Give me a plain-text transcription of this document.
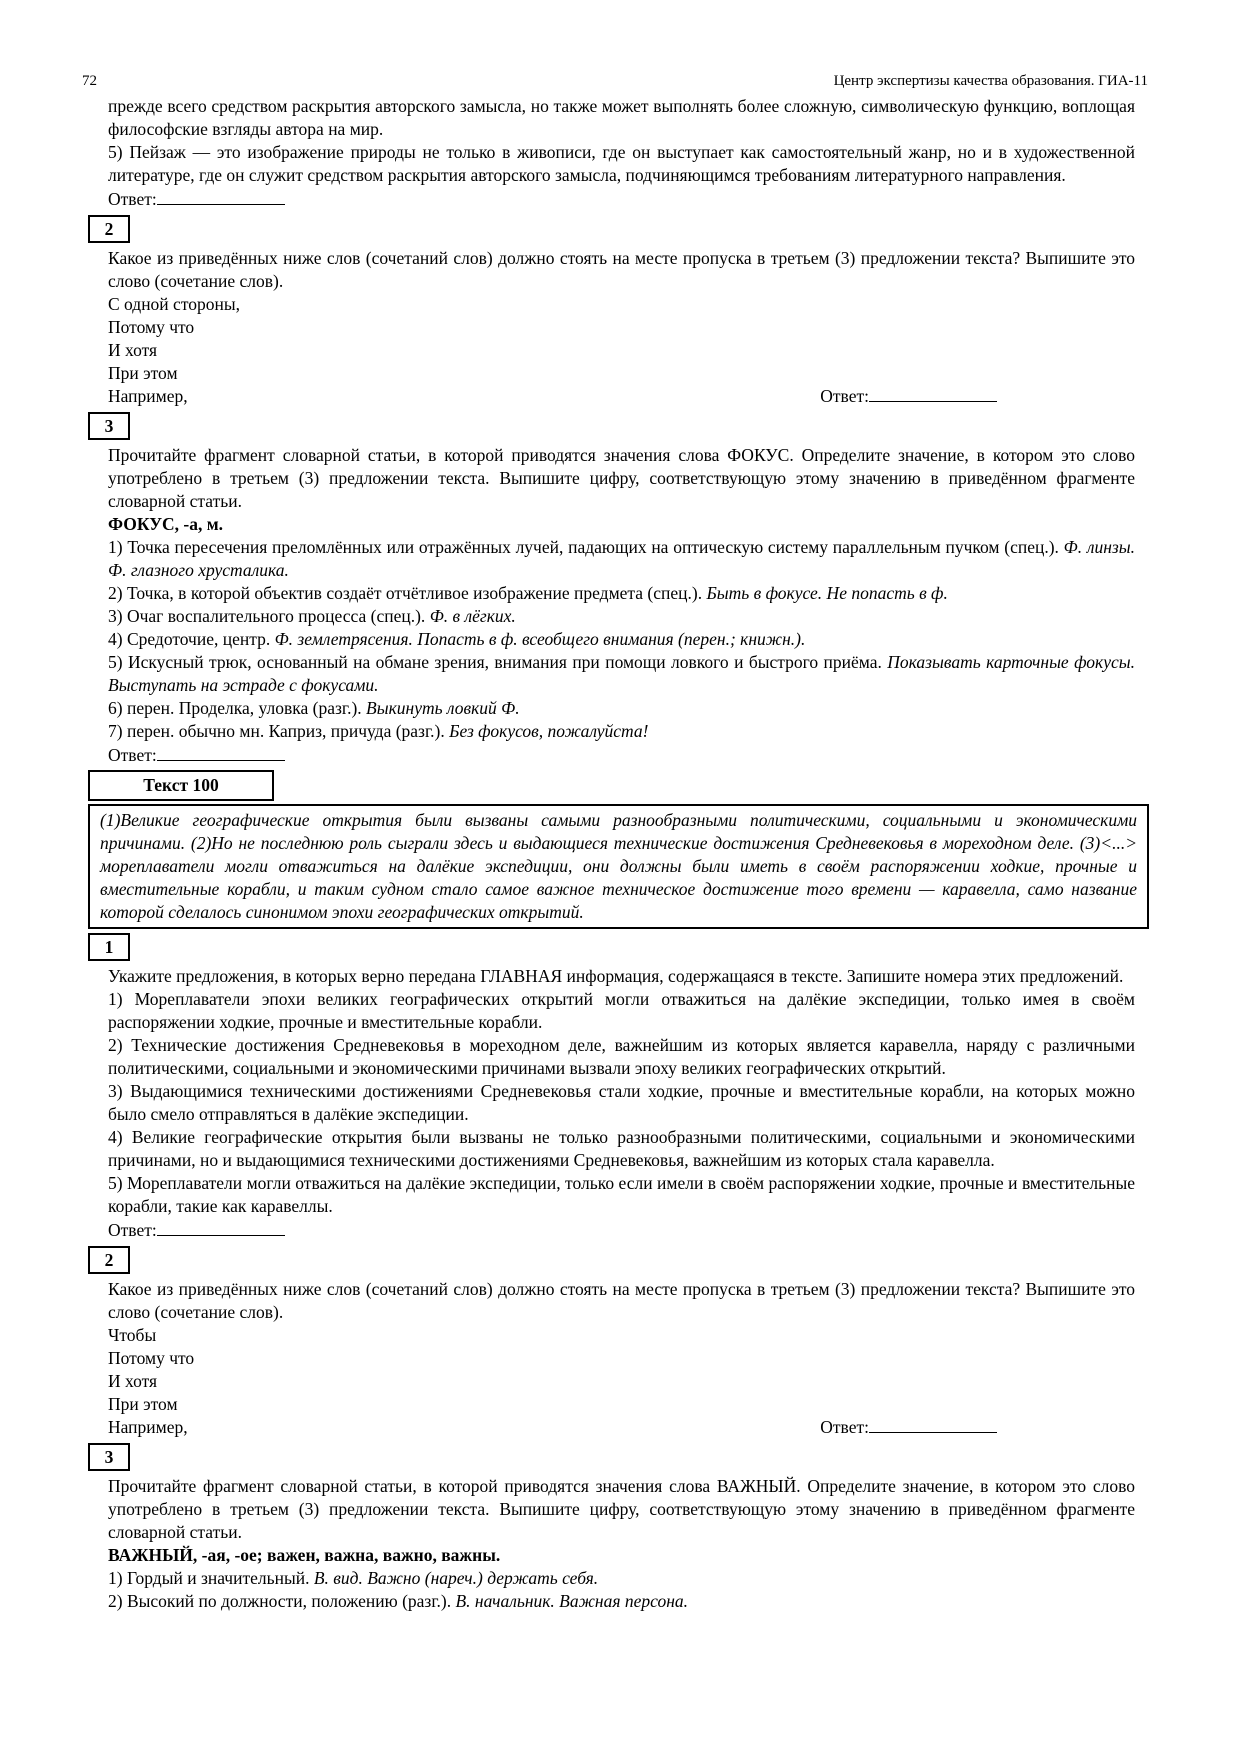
72	Центр экспертизы качества образования. ГИА-11

прежде всего средством раскрытия авторского замысла, но также может выполнять более сложную, символическую функцию, воплощая философские взгляды автора на мир.

5) Пейзаж — это изображение природы не только в живописи, где он выступает как самостоятельный жанр, но и в художественной литературе, где он служит средством раскрытия авторского замысла, подчиняющимся требованиям литературного направления.

Ответ:
2

Какое из приведённых ниже слов (сочетаний слов) должно стоять на месте пропуска в третьем (3) предложении текста? Выпишите это слово (сочетание слов).

С одной стороны,

Потому что

И хотя

При этом

Например,	Ответ:
3

Прочитайте фрагмент словарной статьи, в которой приводятся значения слова ФОКУС. Определите значение, в котором это слово употреблено в третьем (3) предложении текста. Выпишите цифру, соответствующую этому значению в приведённом фрагменте словарной статьи.

ФОКУС, -а, м.

1) Точка пересечения преломлённых или отражённых лучей, падающих на оптическую систему параллельным пучком (спец.). Ф. линзы. Ф. глазного хрусталика.

2) Точка, в которой объектив создаёт отчётливое изображение предмета (спец.). Быть в фокусе. Не попасть в ф.

3) Очаг воспалительного процесса (спец.). Ф. в лёгких.

4) Средоточие, центр. Ф. землетрясения. Попасть в ф. всеобщего внимания (перен.; книжн.).

5) Искусный трюк, основанный на обмане зрения, внимания при помощи ловкого и быстрого приёма. Показывать карточные фокусы. Выступать на эстраде с фокусами.

6) перен. Проделка, уловка (разг.). Выкинуть ловкий Ф.

7) перен. обычно мн. Каприз, причуда (разг.). Без фокусов, пожалуйста!

Ответ:
Текст 100
(1)Великие географические открытия были вызваны самыми разнообразными политическими, социальными и экономическими причинами. (2)Но не последнюю роль сыграли здесь и выдающиеся технические достижения Средневековья в мореходном деле. (3)<...> мореплаватели могли отважиться на далёкие экспедиции, они должны были иметь в своём распоряжении ходкие, прочные и вместительные корабли, и таким судном стало самое важное техническое достижение того времени — каравелла, само название которой сделалось синонимом эпохи географических открытий.
1

Укажите предложения, в которых верно передана ГЛАВНАЯ информация, содержащаяся в тексте. Запишите номера этих предложений.

1) Мореплаватели эпохи великих географических открытий могли отважиться на далёкие экспедиции, только имея в своём распоряжении ходкие, прочные и вместительные корабли.

2) Технические достижения Средневековья в мореходном деле, важнейшим из которых является каравелла, наряду с различными политическими, социальными и экономическими причинами вызвали эпоху великих географических открытий.

3) Выдающимися техническими достижениями Средневековья стали ходкие, прочные и вместительные корабли, на которых можно было смело отправляться в далёкие экспедиции.

4) Великие географические открытия были вызваны не только разнообразными политическими, социальными и экономическими причинами, но и выдающимися техническими достижениями Средневековья, важнейшим из которых стала каравелла.

5) Мореплаватели могли отважиться на далёкие экспедиции, только если имели в своём распоряжении ходкие, прочные и вместительные корабли, такие как каравеллы.

Ответ:
2

Какое из приведённых ниже слов (сочетаний слов) должно стоять на месте пропуска в третьем (3) предложении текста? Выпишите это слово (сочетание слов).

Чтобы

Потому что

И хотя

При этом

Например,	Ответ:
3

Прочитайте фрагмент словарной статьи, в которой приводятся значения слова ВАЖНЫЙ. Определите значение, в котором это слово употреблено в третьем (3) предложении текста. Выпишите цифру, соответствующую этому значению в приведённом фрагменте словарной статьи.

ВАЖНЫЙ, -ая, -ое; важен, важна, важно, важны.

1) Гордый и значительный. В. вид. Важно (нареч.) держать себя.

2) Высокий по должности, положению (разг.). В. начальник. Важная персона.
